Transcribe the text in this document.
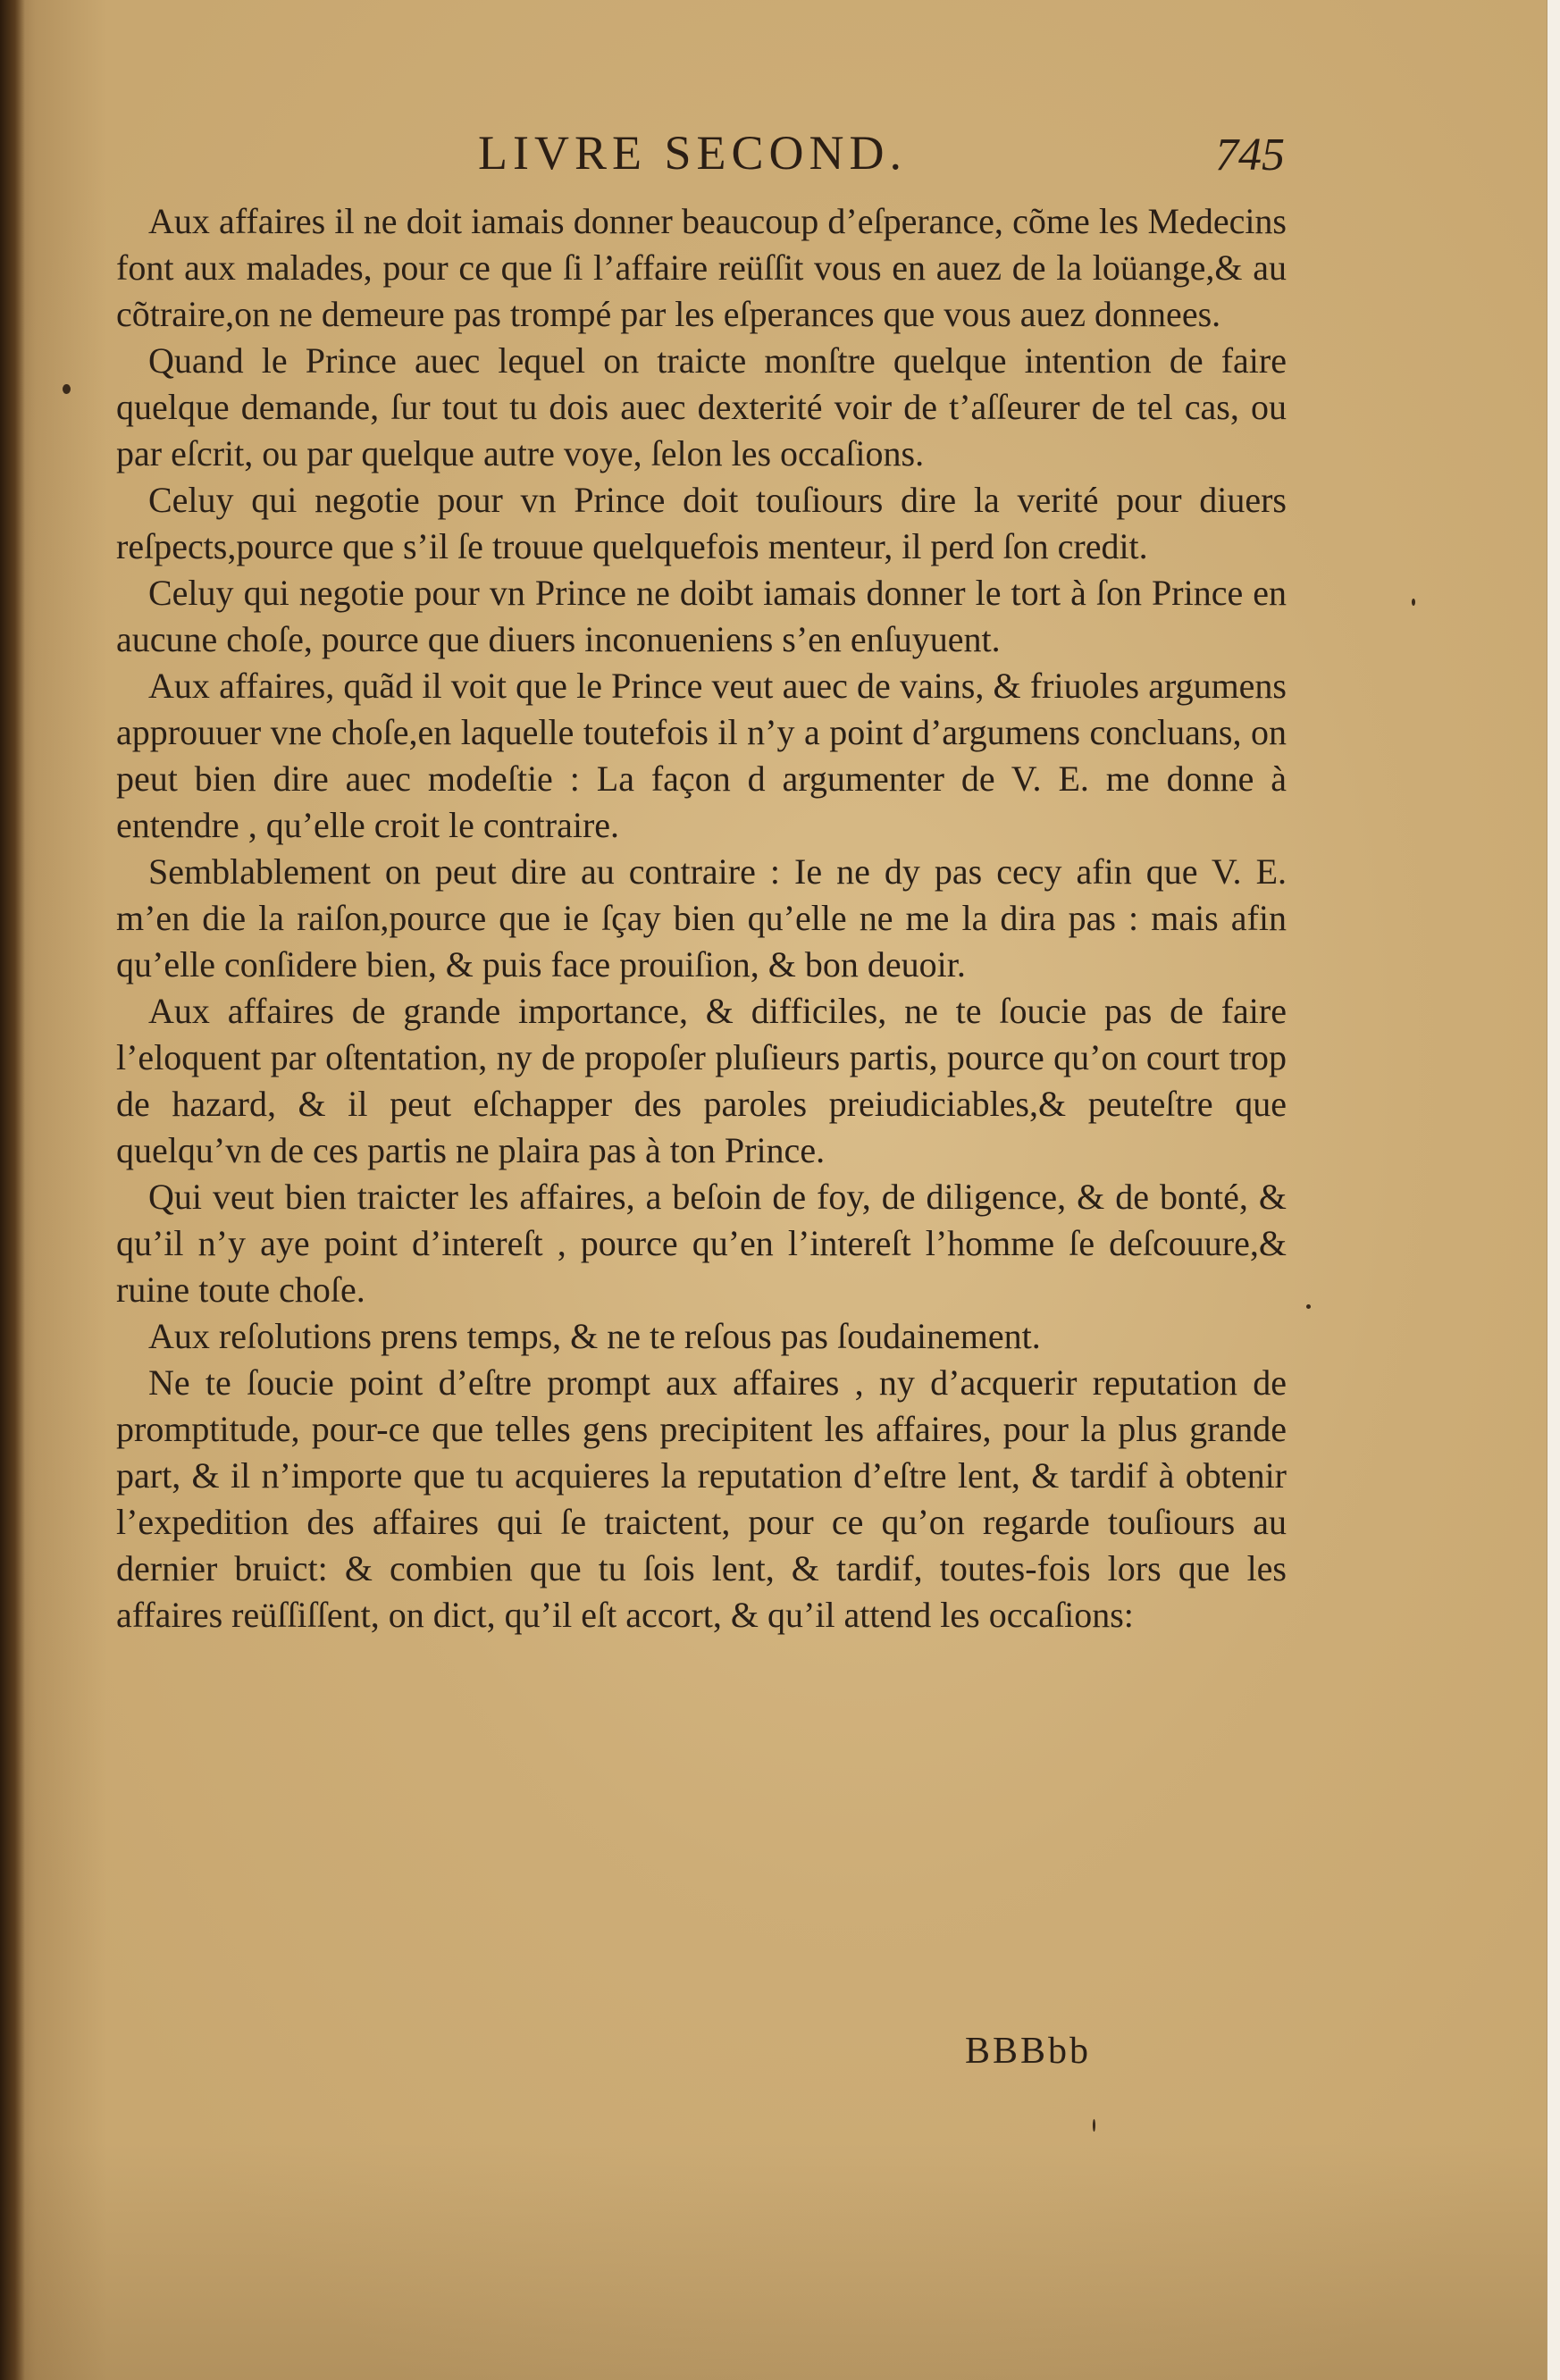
LIVRE SECOND.	745

Aux affaires il ne doit iamais donner beaucoup d’eſperance, cõme les Medecins font aux malades, pour ce que ſi l’affaire reüſſit vous en auez de la loüange,& au cõtraire,on ne demeure pas trompé par les eſperances que vous auez donnees.

Quand le Prince auec lequel on traicte monſtre quelque intention de faire quelque demande, ſur tout tu dois auec dexterité voir de t’aſſeurer de tel cas, ou par eſcrit, ou par quelque autre voye, ſelon les occaſions.

Celuy qui negotie pour vn Prince doit touſiours dire la verité pour diuers reſpects,pource que s’il ſe trouue quelquefois menteur, il perd ſon credit.

Celuy qui negotie pour vn Prince ne doibt iamais donner le tort à ſon Prince en aucune choſe, pource que diuers inconueniens s’en enſuyuent.

Aux affaires, quãd il voit que le Prince veut auec de vains, & friuoles argumens approuuer vne choſe,en laquelle toutefois il n’y a point d’argumens concluans, on peut bien dire auec modeſtie : La façon d argumenter de V. E. me donne à entendre , qu’elle croit le contraire.

Semblablement on peut dire au contraire : Ie ne dy pas cecy afin que V. E. m’en die la raiſon,pource que ie ſçay bien qu’elle ne me la dira pas : mais afin qu’elle conſidere bien, & puis face prouiſion, & bon deuoir.

Aux affaires de grande importance, & difficiles, ne te ſoucie pas de faire l’eloquent par oſtentation, ny de propoſer pluſieurs partis, pource qu’on court trop de hazard, & il peut eſchapper des paroles preiudiciables,& peuteſtre que quelqu’vn de ces partis ne plaira pas à ton Prince.

Qui veut bien traicter les affaires, a beſoin de foy, de diligence, & de bonté, & qu’il n’y aye point d’intereſt , pource qu’en l’intereſt l’homme ſe deſcouure,& ruine toute choſe.

Aux reſolutions prens temps, & ne te reſous pas ſoudainement.

Ne te ſoucie point d’eſtre prompt aux affaires , ny d’acquerir reputation de promptitude, pour-ce que telles gens precipitent les affaires, pour la plus grande part, & il n’importe que tu acquieres la reputation d’eſtre lent, & tardif à obtenir l’expedition des affaires qui ſe traictent, pour ce qu’on regarde touſiours au dernier bruict: & combien que tu ſois lent, & tardif, toutes-fois lors que les affaires reüſſiſſent, on dict, qu’il eſt accort, & qu’il attend les occaſions:

BBBbb
